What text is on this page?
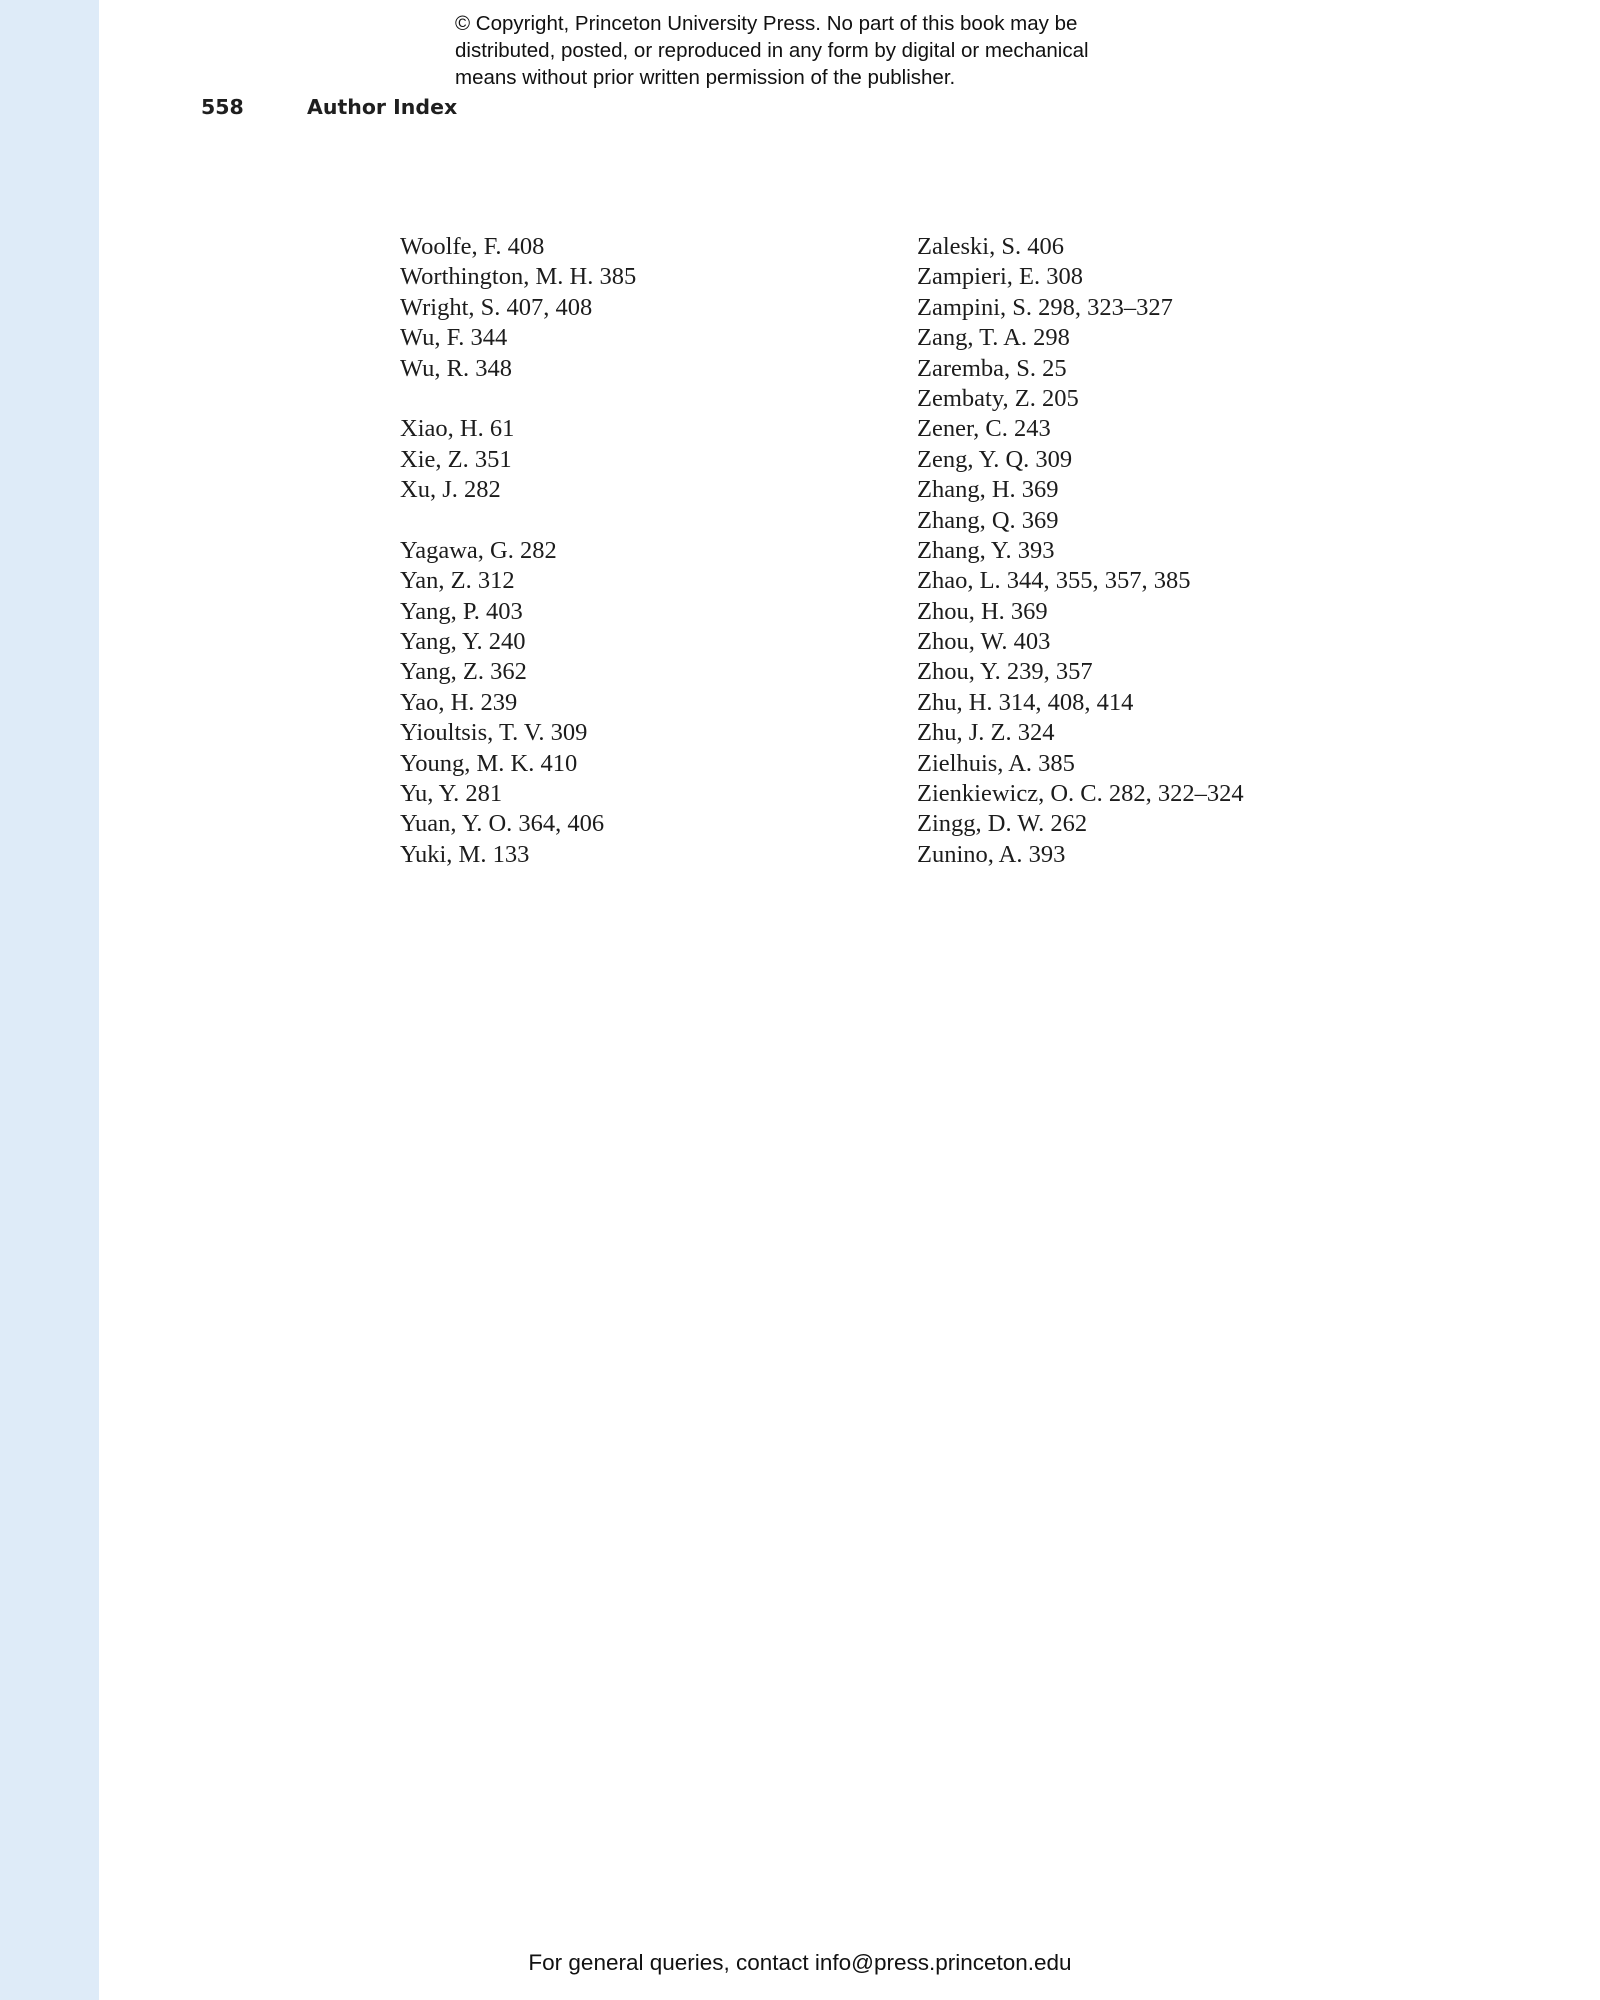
© Copyright, Princeton University Press. No part of this book may be
distributed, posted, or reproduced in any form by digital or mechanical
means without prior written permission of the publisher.
558	Author Index
Woolfe, F. 408
Worthington, M. H. 385
Wright, S. 407, 408
Wu, F. 344
Wu, R. 348
Xiao, H. 61
Xie, Z. 351
Xu, J. 282
Yagawa, G. 282
Yan, Z. 312
Yang, P. 403
Yang, Y. 240
Yang, Z. 362
Yao, H. 239
Yioultsis, T. V. 309
Young, M. K. 410
Yu, Y. 281
Yuan, Y. O. 364, 406
Yuki, M. 133
Zaleski, S. 406
Zampieri, E. 308
Zampini, S. 298, 323–327
Zang, T. A. 298
Zaremba, S. 25
Zembaty, Z. 205
Zener, C. 243
Zeng, Y. Q. 309
Zhang, H. 369
Zhang, Q. 369
Zhang, Y. 393
Zhao, L. 344, 355, 357, 385
Zhou, H. 369
Zhou, W. 403
Zhou, Y. 239, 357
Zhu, H. 314, 408, 414
Zhu, J. Z. 324
Zielhuis, A. 385
Zienkiewicz, O. C. 282, 322–324
Zingg, D. W. 262
Zunino, A. 393
For general queries, contact info@press.princeton.edu
